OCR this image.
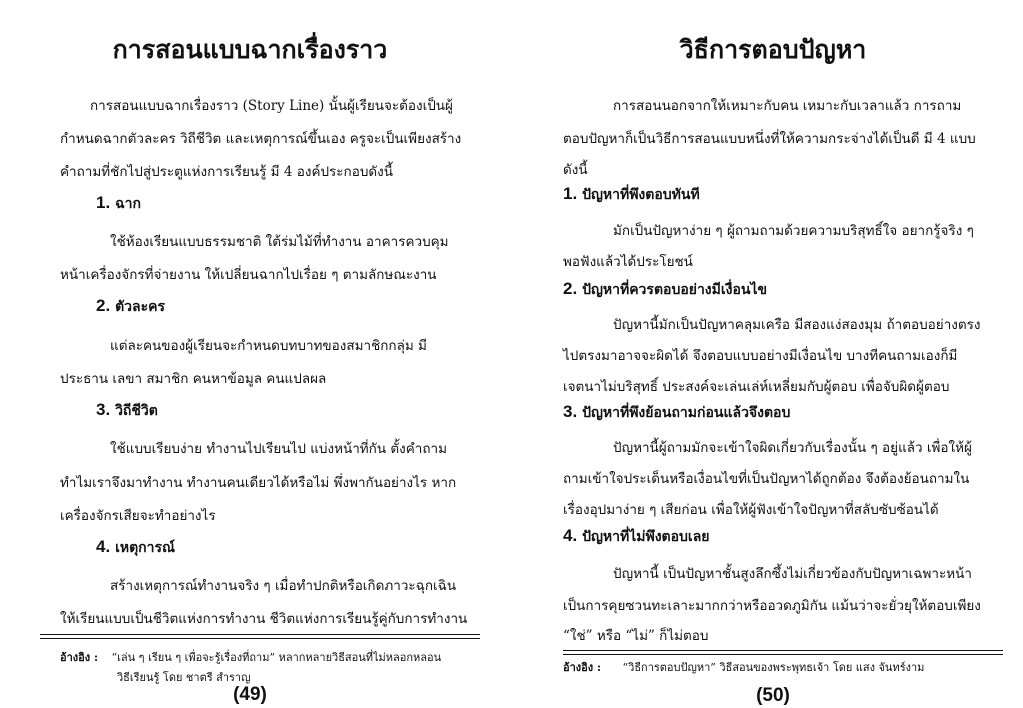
การสอนแบบฉากเรื่องราว

การสอนแบบฉากเรื่องราว (Story Line) นั้นผู้เรียนจะต้องเป็นผู้

กำหนดฉากตัวละคร วิถีชีวิต และเหตุการณ์ขึ้นเอง ครูจะเป็นเพียงสร้าง

คำถามที่ชักไปสู่ประตูแห่งการเรียนรู้ มี 4 องค์ประกอบดังนี้

1. ฉาก

ใช้ห้องเรียนแบบธรรมชาติ ใต้ร่มไม้ที่ทำงาน อาคารควบคุม

หน้าเครื่องจักรที่จ่ายงาน ให้เปลี่ยนฉากไปเรื่อย ๆ ตามลักษณะงาน

2. ตัวละคร

แต่ละคนของผู้เรียนจะกำหนดบทบาทของสมาชิกกลุ่ม มี

ประธาน เลขา สมาชิก คนหาข้อมูล คนแปลผล

3. วิถีชีวิต

ใช้แบบเรียบง่าย ทำงานไปเรียนไป แบ่งหน้าที่กัน ตั้งคำถาม

ทำไมเราจึงมาทำงาน ทำงานคนเดียวได้หรือไม่ พึ่งพากันอย่างไร หาก

เครื่องจักรเสียจะทำอย่างไร

4. เหตุการณ์

สร้างเหตุการณ์ทำงานจริง ๆ เมื่อทำปกติหรือเกิดภาวะฉุกเฉิน

ให้เรียนแบบเป็นชีวิตแห่งการทำงาน ชีวิตแห่งการเรียนรู้คู่กับการทำงาน

อ้างอิง : “เล่น ๆ เรียน ๆ เพื่อจะรู้เรื่องที่ถาม” หลากหลายวิธีสอนที่ไม่หลอกหลอน
วิธีเรียนรู้ โดย ชาตรี สำราญ
(49)
วิธีการตอบปัญหา

การสอนนอกจากให้เหมาะกับคน เหมาะกับเวลาแล้ว การถาม

ตอบปัญหาก็เป็นวิธีการสอนแบบหนึ่งที่ให้ความกระจ่างได้เป็นดี มี 4 แบบ

ดังนี้

1. ปัญหาที่พึงตอบทันที

มักเป็นปัญหาง่าย ๆ ผู้ถามถามด้วยความบริสุทธิ์ใจ อยากรู้จริง ๆ

พอฟังแล้วได้ประโยชน์

2. ปัญหาที่ควรตอบอย่างมีเงื่อนไข

ปัญหานี้มักเป็นปัญหาคลุมเครือ มีสองแง่สองมุม ถ้าตอบอย่างตรง

ไปตรงมาอาจจะผิดได้ จึงตอบแบบอย่างมีเงื่อนไข บางทีคนถามเองก็มี

เจตนาไม่บริสุทธิ์ ประสงค์จะเล่นเล่ห์เหลี่ยมกับผู้ตอบ เพื่อจับผิดผู้ตอบ

3. ปัญหาที่พึงย้อนถามก่อนแล้วจึงตอบ

ปัญหานี้ผู้ถามมักจะเข้าใจผิดเกี่ยวกับเรื่องนั้น ๆ อยู่แล้ว เพื่อให้ผู้

ถามเข้าใจประเด็นหรือเงื่อนไขที่เป็นปัญหาได้ถูกต้อง จึงต้องย้อนถามใน

เรื่องอุปมาง่าย ๆ เสียก่อน เพื่อให้ผู้ฟังเข้าใจปัญหาที่สลับซับซ้อนได้

4. ปัญหาที่ไม่พึงตอบเลย

ปัญหานี้ เป็นปัญหาชั้นสูงลึกซึ้งไม่เกี่ยวข้องกับปัญหาเฉพาะหน้า

เป็นการคุยซวนทะเลาะมากกว่าหรืออวดภูมิกัน แม้นว่าจะยั่วยุให้ตอบเพียง

“ใช่” หรือ “ไม่” ก็ไม่ตอบ

อ้างอิง : “วิธีการตอบปัญหา” วิธีสอนของพระพุทธเจ้า โดย แสง จันทร์งาม
(50)
